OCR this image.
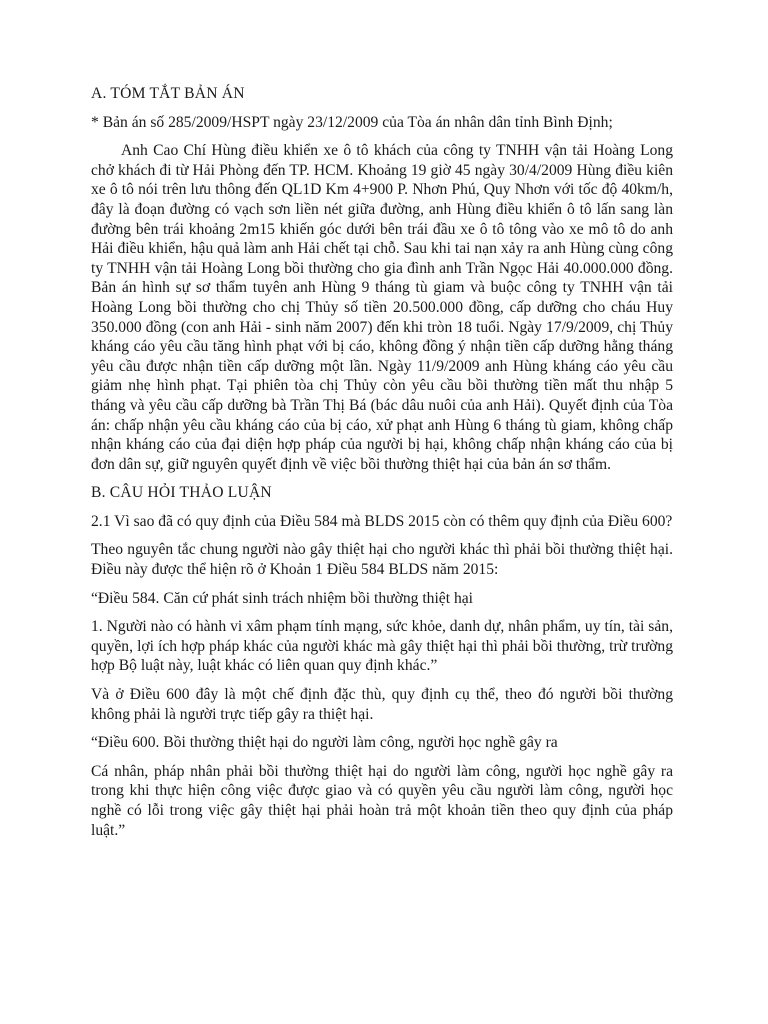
A. TÓM TẮT BẢN ÁN
* Bản án số 285/2009/HSPT ngày 23/12/2009 của Tòa án nhân dân tỉnh Bình Định;
Anh Cao Chí Hùng điều khiển xe ô tô khách của công ty TNHH vận tải Hoàng Long chở khách đi từ Hải Phòng đến TP. HCM. Khoảng 19 giờ 45 ngày 30/4/2009 Hùng điều kiên xe ô tô nói trên lưu thông đến QL1D Km 4+900 P. Nhơn Phú, Quy Nhơn với tốc độ 40km/h, đây là đoạn đường có vạch sơn liền nét giữa đường, anh Hùng điều khiển ô tô lấn sang làn đường bên trái khoảng 2m15 khiến góc dưới bên trái đầu xe ô tô tông vào xe mô tô do anh Hải điều khiển, hậu quả làm anh Hải chết tại chỗ. Sau khi tai nạn xảy ra anh Hùng cùng công ty TNHH vận tải Hoàng Long bồi thường cho gia đình anh Trần Ngọc Hải 40.000.000 đồng. Bản án hình sự sơ thẩm tuyên anh Hùng 9 tháng tù giam và buộc công ty TNHH vận tải Hoàng Long bồi thường cho chị Thủy số tiền 20.500.000 đồng, cấp dưỡng cho cháu Huy 350.000 đồng (con anh Hải - sinh năm 2007) đến khi tròn 18 tuổi. Ngày 17/9/2009, chị Thủy kháng cáo yêu cầu tăng hình phạt với bị cáo, không đồng ý nhận tiền cấp dưỡng hằng tháng yêu cầu được nhận tiền cấp dưỡng một lần. Ngày 11/9/2009 anh Hùng kháng cáo yêu cầu giảm nhẹ hình phạt. Tại phiên tòa chị Thủy còn yêu cầu bồi thường tiền mất thu nhập 5 tháng và yêu cầu cấp dưỡng bà Trần Thị Bá (bác dâu nuôi của anh Hải). Quyết định của Tòa án: chấp nhận yêu cầu kháng cáo của bị cáo, xử phạt anh Hùng 6 tháng tù giam, không chấp nhận kháng cáo của đại diện hợp pháp của người bị hại, không chấp nhận kháng cáo của bị đơn dân sự, giữ nguyên quyết định về việc bồi thường thiệt hại của bản án sơ thẩm.
B. CÂU HỎI THẢO LUẬN
2.1 Vì sao đã có quy định của Điều 584 mà BLDS 2015 còn có thêm quy định của Điều 600?
Theo nguyên tắc chung người nào gây thiệt hại cho người khác thì phải bồi thường thiệt hại. Điều này được thể hiện rõ ở Khoản 1 Điều 584 BLDS năm 2015:
“Điều 584. Căn cứ phát sinh trách nhiệm bồi thường thiệt hại
1. Người nào có hành vi xâm phạm tính mạng, sức khỏe, danh dự, nhân phẩm, uy tín, tài sản, quyền, lợi ích hợp pháp khác của người khác mà gây thiệt hại thì phải bồi thường, trừ trường hợp Bộ luật này, luật khác có liên quan quy định khác.”
Và ở Điều 600 đây là một chế định đặc thù, quy định cụ thể, theo đó người bồi thường không phải là người trực tiếp gây ra thiệt hại.
“Điều 600. Bồi thường thiệt hại do người làm công, người học nghề gây ra
Cá nhân, pháp nhân phải bồi thường thiệt hại do người làm công, người học nghề gây ra trong khi thực hiện công việc được giao và có quyền yêu cầu người làm công, người học nghề có lỗi trong việc gây thiệt hại phải hoàn trả một khoản tiền theo quy định của pháp luật.”
